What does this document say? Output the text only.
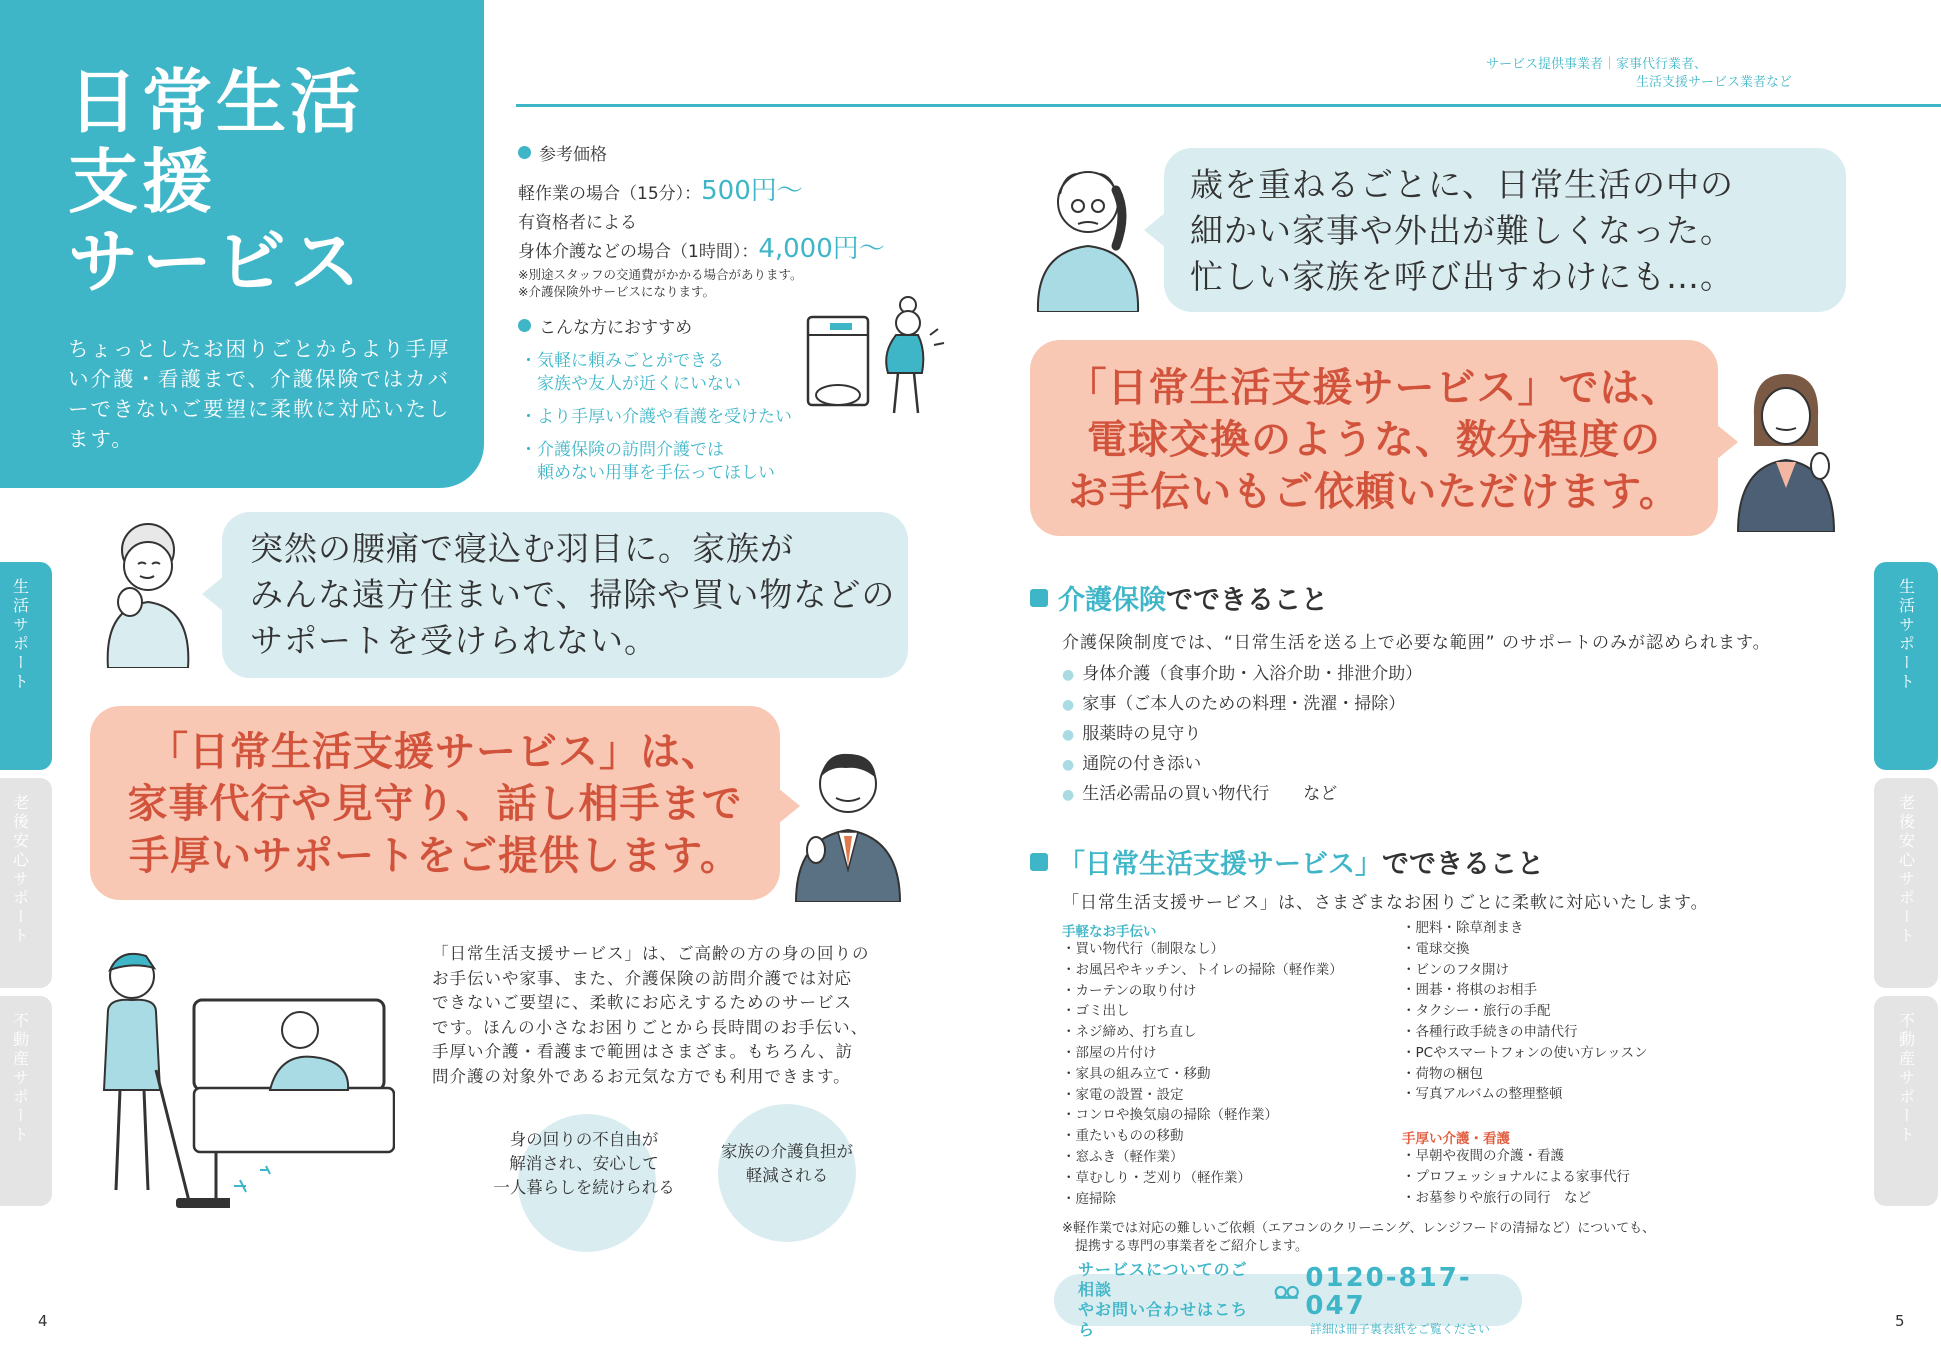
日常生活
支援
サービス
ちょっとしたお困りごとからより手厚い介護・看護まで、介護保険ではカバーできないご要望に柔軟に対応いたします。
参考価格
軽作業の場合（15分）：500円〜
有資格者による
身体介護などの場合（1時間）：4,000円〜
※別途スタッフの交通費がかかる場合があります。
※介護保険外サービスになります。
こんな方におすすめ
・気軽に頼みごとができる
　家族や友人が近くにいない
・より手厚い介護や看護を受けたい
・介護保険の訪問介護では
　頼めない用事を手伝ってほしい
突然の腰痛で寝込む羽目に。家族が
みんな遠方住まいで、掃除や買い物などの
サポートを受けられない。
「日常生活支援サービス」は、
家事代行や見守り、話し相手まで
手厚いサポートをご提供します。
「日常生活支援サービス」は、ご高齢の方の身の回りの
お手伝いや家事、また、介護保険の訪問介護では対応
できないご要望に、柔軟にお応えするためのサービス
です。ほんの小さなお困りごとから長時間のお手伝い、
手厚い介護・看護まで範囲はさまざま。もちろん、訪
問介護の対象外であるお元気な方でも利用できます。
身の回りの不自由が
解消され、安心して
一人暮らしを続けられる
家族の介護負担が
軽減される
生活サポート
老後安心サポート
不動産サポート
4
サービス提供事業者｜家事代行業者、
生活支援サービス業者など
歳を重ねるごとに、日常生活の中の
細かい家事や外出が難しくなった。
忙しい家族を呼び出すわけにも…。
「日常生活支援サービス」では、
電球交換のような、数分程度の
お手伝いもご依頼いただけます。
介護保険でできること
介護保険制度では、“日常生活を送る上で必要な範囲” のサポートのみが認められます。
● 身体介護（食事介助・入浴介助・排泄介助）
● 家事（ご本人のための料理・洗濯・掃除）
● 服薬時の見守り
● 通院の付き添い
● 生活必需品の買い物代行　　など
「日常生活支援サービス」でできること
「日常生活支援サービス」は、さまざまなお困りごとに柔軟に対応いたします。
手軽なお手伝い
・ 買い物代行（制限なし）
・ お風呂やキッチン、トイレの掃除（軽作業）
・ カーテンの取り付け
・ ゴミ出し
・ ネジ締め、打ち直し
・ 部屋の片付け
・ 家具の組み立て・移動
・ 家電の設置・設定
・ コンロや換気扇の掃除（軽作業）
・ 重たいものの移動
・ 窓ふき（軽作業）
・ 草むしり・芝刈り（軽作業）
・ 庭掃除
・ 肥料・除草剤まき
・ 電球交換
・ ビンのフタ開け
・ 囲碁・将棋のお相手
・ タクシー・旅行の手配
・ 各種行政手続きの申請代行
・ PCやスマートフォンの使い方レッスン
・ 荷物の梱包
・ 写真アルバムの整理整頓
手厚い介護・看護
・ 早朝や夜間の介護・看護
・ プロフェッショナルによる家事代行
・ お墓参りや旅行の同行　など
※軽作業では対応の難しいご依頼（エアコンのクリーニング、レンジフードの清掃など）についても、
　提携する専門の事業者をご紹介します。
サービスについてのご相談
やお問い合わせはこちら
0120-817-047
詳細は冊子裏表紙をご覧ください
生活サポート
老後安心サポート
不動産サポート
5
